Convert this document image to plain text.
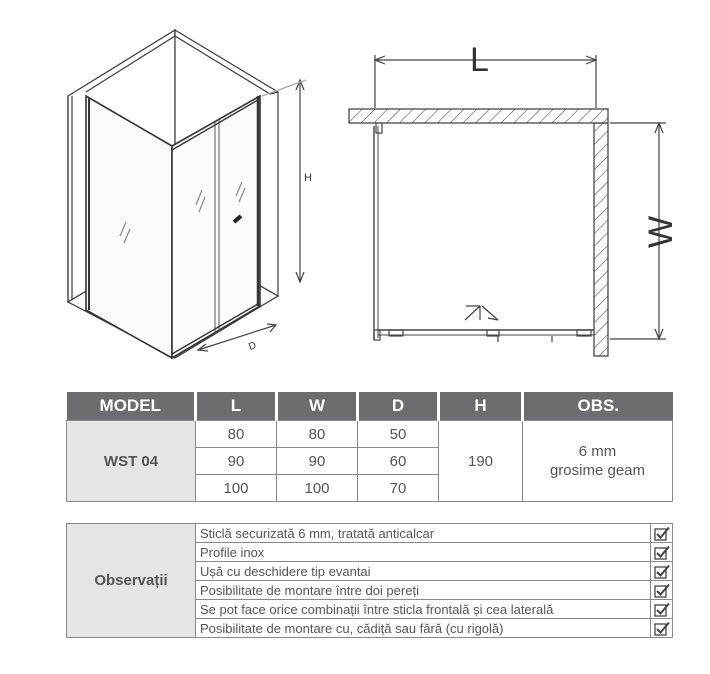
H
D
L
W
MODEL	L	W	D	H	OBS.
WST 04	80	80	50	190	6 mm
grosime geam
	90	90	60		
	100	100	70		
Observații	Sticlă securizată 6 mm, tratată anticalcar	

	Profile inox	

	Ușă cu deschidere tip evantai	

	Posibilitate de montare între doi pereți	

	Se pot face orice combinații între sticla frontală și cea laterală	

	Posibilitate de montare cu, cădiță sau fără (cu rigolă)	
